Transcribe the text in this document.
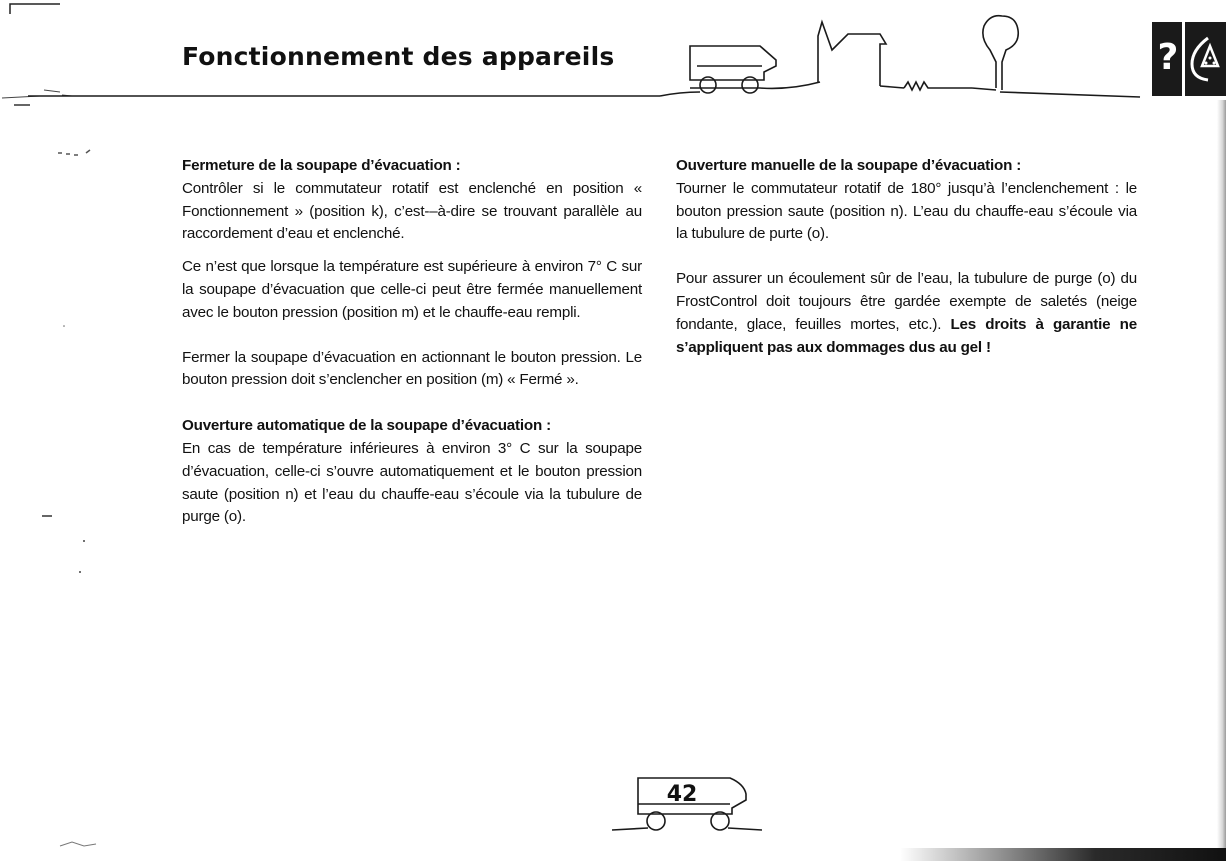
Fonctionnement des appareils	?
Fermeture de la soupape d’évacuation :

Contrôler si le commutateur rotatif est enclenché en position « Fonctionnement » (position k), c’est-–à-dire se trouvant parallèle au raccordement d’eau et enclenché.

Ce n’est que lorsque la température est supérieure à environ 7° C sur la soupape d’évacuation que celle-ci peut être fermée manuellement avec le bouton pression (position m) et le chauffe-eau rempli.

Fermer la soupape d’évacuation en actionnant le bouton pression. Le bouton pression doit s’enclencher en position (m) « Fermé ».

Ouverture automatique de la soupape d’évacuation :

En cas de température inférieures à environ 3° C sur la soupape d’évacuation, celle-ci s’ouvre automatiquement et le bouton pression saute (position n) et l’eau du chauffe-eau s’écoule via la tubulure de purge (o).

Ouverture manuelle de la soupape d’évacuation :

Tourner le commutateur rotatif de 180° jusqu’à l’enclenchement : le bouton pression saute (position n). L’eau du chauffe-eau s’écoule via la tubulure de purte (o).

Pour assurer un écoulement sûr de l’eau, la tubulure de purge (o) du FrostControl doit toujours être gardée exempte de saletés (neige fondante, glace, feuilles mortes, etc.). Les droits à garantie ne s’appliquent pas aux dommages dus au gel !

42
